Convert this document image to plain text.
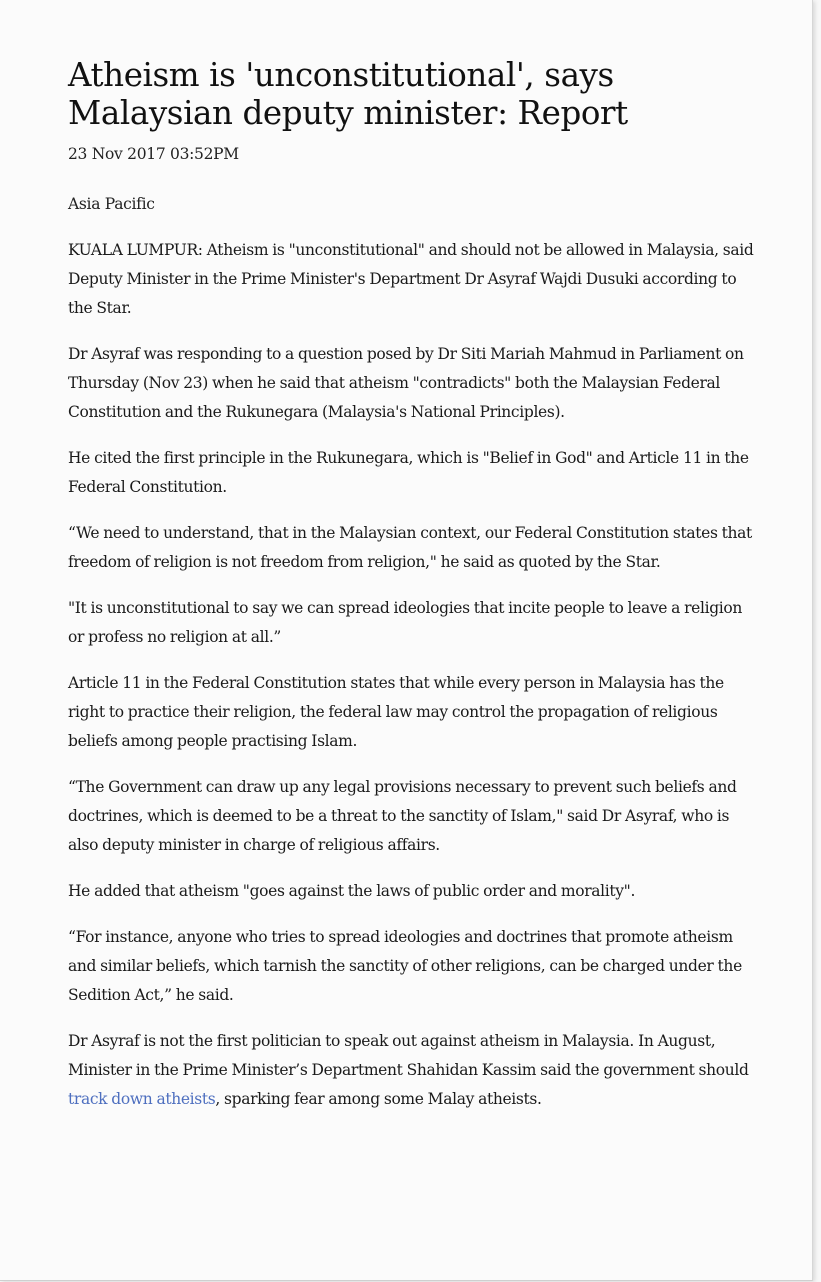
Atheism is 'unconstitutional', says Malaysian deputy minister: Report
23 Nov 2017 03:52PM
Asia Pacific

KUALA LUMPUR: Atheism is "unconstitutional" and should not be allowed in Malaysia, said Deputy Minister in the Prime Minister's Department Dr Asyraf Wajdi Dusuki according to the Star.

Dr Asyraf was responding to a question posed by Dr Siti Mariah Mahmud in Parliament on Thursday (Nov 23) when he said that atheism "contradicts" both the Malaysian Federal Constitution and the Rukunegara (Malaysia's National Principles).

He cited the first principle in the Rukunegara, which is "Belief in God" and Article 11 in the Federal Constitution.

“We need to understand, that in the Malaysian context, our Federal Constitution states that freedom of religion is not freedom from religion," he said as quoted by the Star.

"It is unconstitutional to say we can spread ideologies that incite people to leave a religion or profess no religion at all.”

Article 11 in the Federal Constitution states that while every person in Malaysia has the right to practice their religion, the federal law may control the propagation of religious beliefs among people practising Islam.

“The Government can draw up any legal provisions necessary to prevent such beliefs and doctrines, which is deemed to be a threat to the sanctity of Islam," said Dr Asyraf, who is also deputy minister in charge of religious affairs.

He added that atheism "goes against the laws of public order and morality".

“For instance, anyone who tries to spread ideologies and doctrines that promote atheism and similar beliefs, which tarnish the sanctity of other religions, can be charged under the Sedition Act,” he said.

Dr Asyraf is not the first politician to speak out against atheism in Malaysia. In August, Minister in the Prime Minister’s Department Shahidan Kassim said the government should track down atheists, sparking fear among some Malay atheists.
